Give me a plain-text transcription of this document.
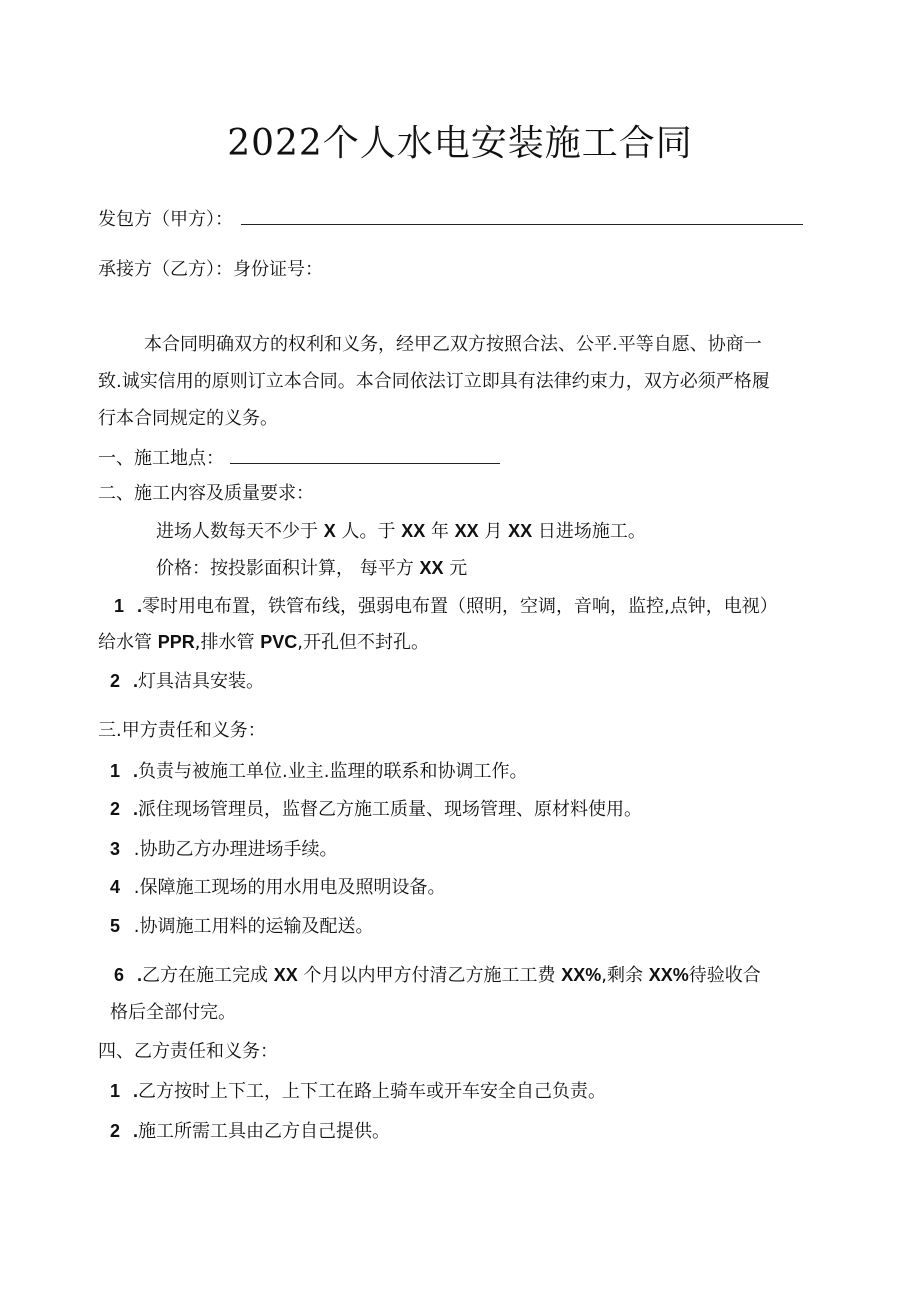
2022个人水电安装施工合同
发包方（甲方）：
承接方（乙方）：身份证号：
本合同明确双方的权利和义务，经甲乙双方按照合法、公平.平等自愿、协商一
致.诚实信用的原则订立本合同。本合同依法订立即具有法律约束力，双方必须严格履
行本合同规定的义务。
一、施工地点：
二、施工内容及质量要求：
进场人数每天不少于 X 人。于 XX 年 XX 月 XX 日进场施工。
价格：按投影面积计算， 每平方 XX 元
1 .零时用电布置，铁管布线，强弱电布置（照明，空调，音响，监控,点钟，电视）
给水管 PPR,排水管 PVC,开孔但不封孔。
2 .灯具洁具安装。
三.甲方责任和义务：
1 .负责与被施工单位.业主.监理的联系和协调工作。
2 .派住现场管理员，监督乙方施工质量、现场管理、原材料使用。
3 .协助乙方办理进场手续。
4 .保障施工现场的用水用电及照明设备。
5 .协调施工用料的运输及配送。
6 .乙方在施工完成 XX 个月以内甲方付清乙方施工工费 XX%,剩余 XX%待验收合
格后全部付完。
四、乙方责任和义务：
1 .乙方按时上下工，上下工在路上骑车或开车安全自己负责。
2 .施工所需工具由乙方自己提供。
